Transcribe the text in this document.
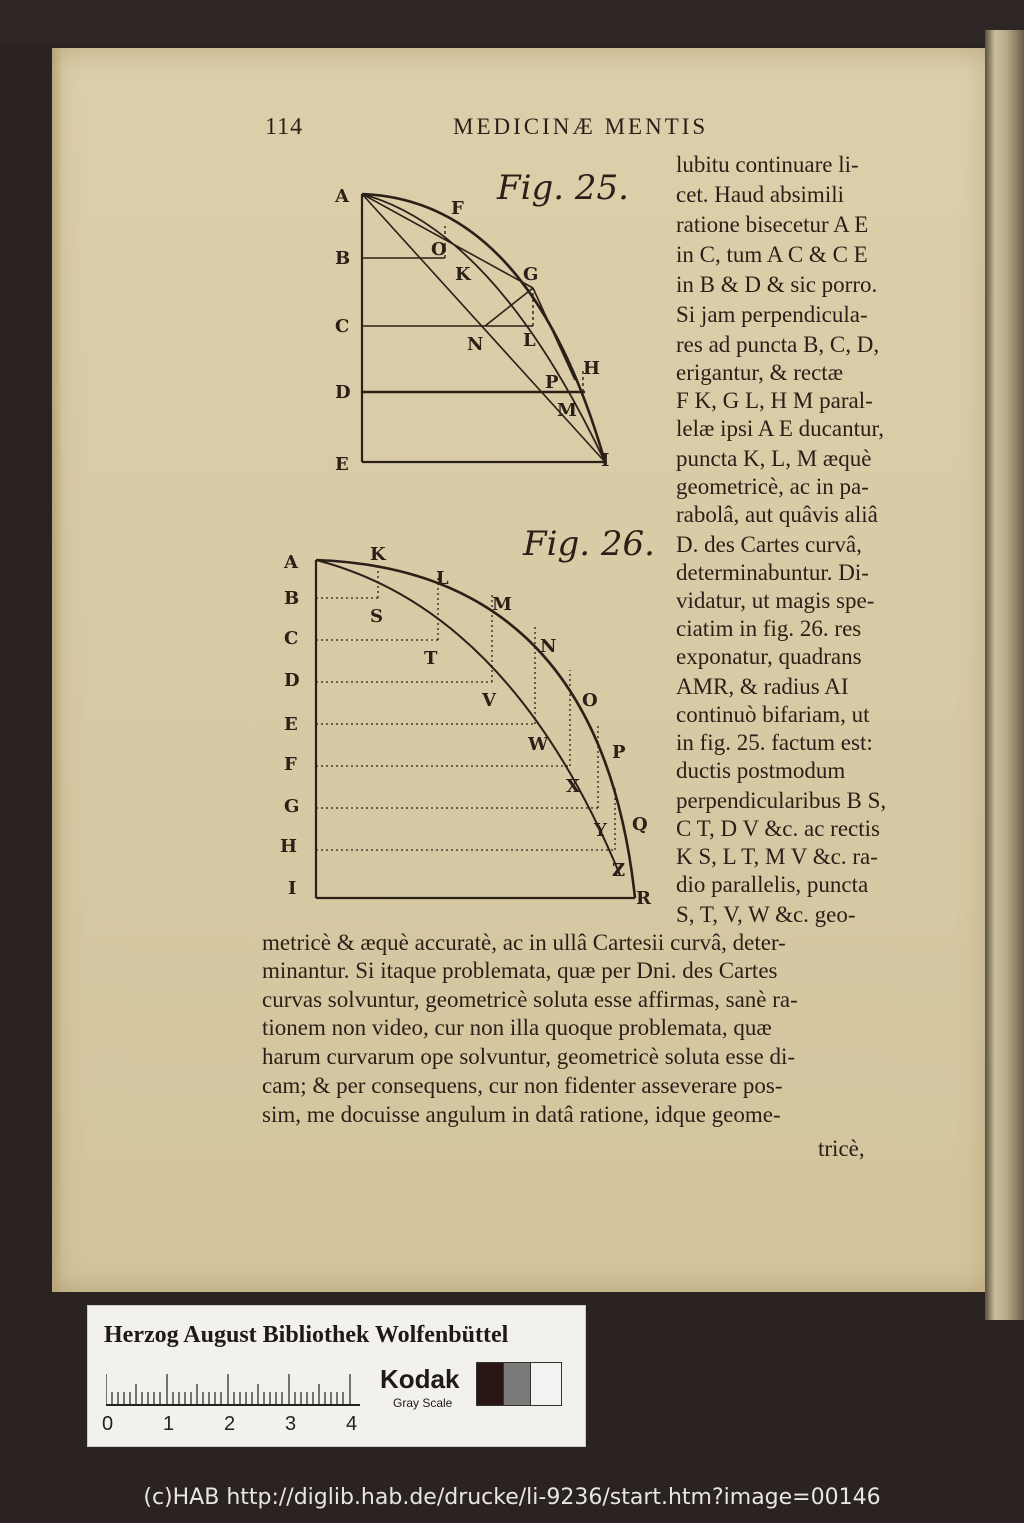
114	MEDICINÆ MENTIS
Fig. 25.
A
B
C
D
E
F
O
K	G
N L
P
H
M
I
Fig. 26.
A
B
C
D
E
F
G
H
I
K
L
M
N
O
P
Q
R
S
T
V
W
X
Y
Z
lubitu continuare li-
cet. Haud absimili
ratione bisecetur A E
in C, tum A C & C E
in B & D & sic porro.
Si jam perpendicula-
res ad puncta B, C, D,
erigantur, & rectæ
F K, G L, H M paral-
lelæ ipsi A E ducantur,
puncta K, L, M æquè
geometricè, ac in pa-
rabolâ, aut quâvis aliâ
D. des Cartes curvâ,
determinabuntur. Di-
vidatur, ut magis spe-
ciatim in fig. 26. res
exponatur, quadrans
AMR, & radius AI
continuò bifariam, ut
in fig. 25. factum est:
ductis postmodum
perpendicularibus B S,
C T, D V &c. ac rectis
K S, L T, M V &c. ra-
dio parallelis, puncta
S, T, V, W &c. geo-
metricè & æquè accuratè, ac in ullâ Cartesii curvâ, deter-
minantur. Si itaque problemata, quæ per Dni. des Cartes
curvas solvuntur, geometricè soluta esse affirmas, sanè ra-
tionem non video, cur non illa quoque problemata, quæ
harum curvarum ope solvuntur, geometricè soluta esse di-
cam; & per consequens, cur non fidenter asseverare pos-
sim, me docuisse angulum in datâ ratione, idque geome-
tricè,
Herzog August Bibliothek Wolfenbüttel
0 1 2 3 4
Kodak
Gray Scale
(c)HAB http://diglib.hab.de/drucke/li-9236/start.htm?image=00146
